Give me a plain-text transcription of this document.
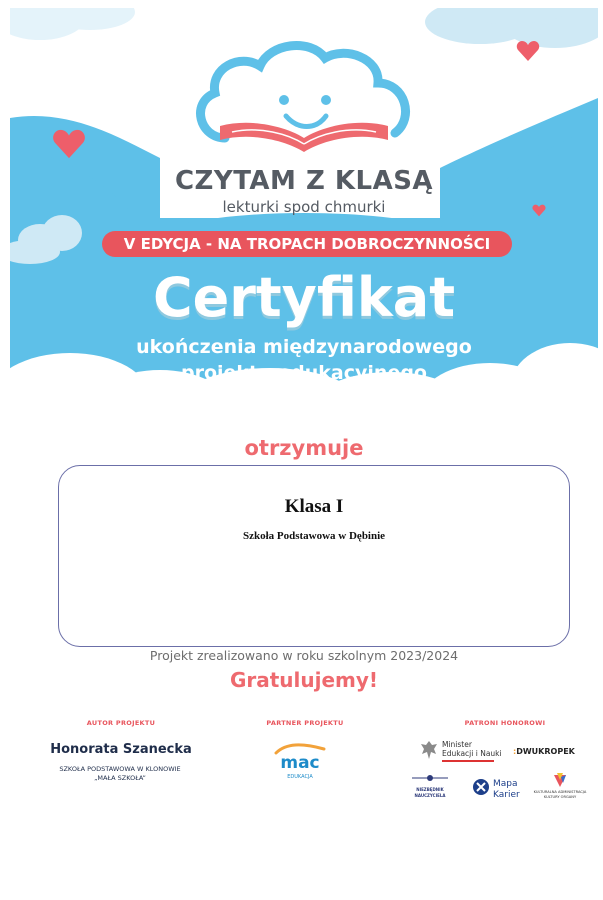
CZYTAM Z KLASĄ
lekturki spod chmurki
V EDYCJA - NA TROPACH DOBROCZYNNOŚCI
Certyfikat
ukończenia międzynarodowego
projektu edukacyjnego
otrzymuje
Klasa I
Szkoła Podstawowa w Dębinie
Projekt zrealizowano w roku szkolnym 2023/2024
Gratulujemy!
AUTOR PROJEKTU	PARTNER PROJEKTU	PATRONI HONOROWI
Honorata Szanecka
SZKOŁA PODSTAWOWA W KLONOWIE
„MAŁA SZKOŁA”
mac
EDUKACJA
Minister
Edukacji i Nauki :DWUKROPEK
NIEZBĘDNIK
NAUCZYCIELA
Mapa
Karier	KULTURALNA ADMINISTRACJA
KULTURY ORGANY
